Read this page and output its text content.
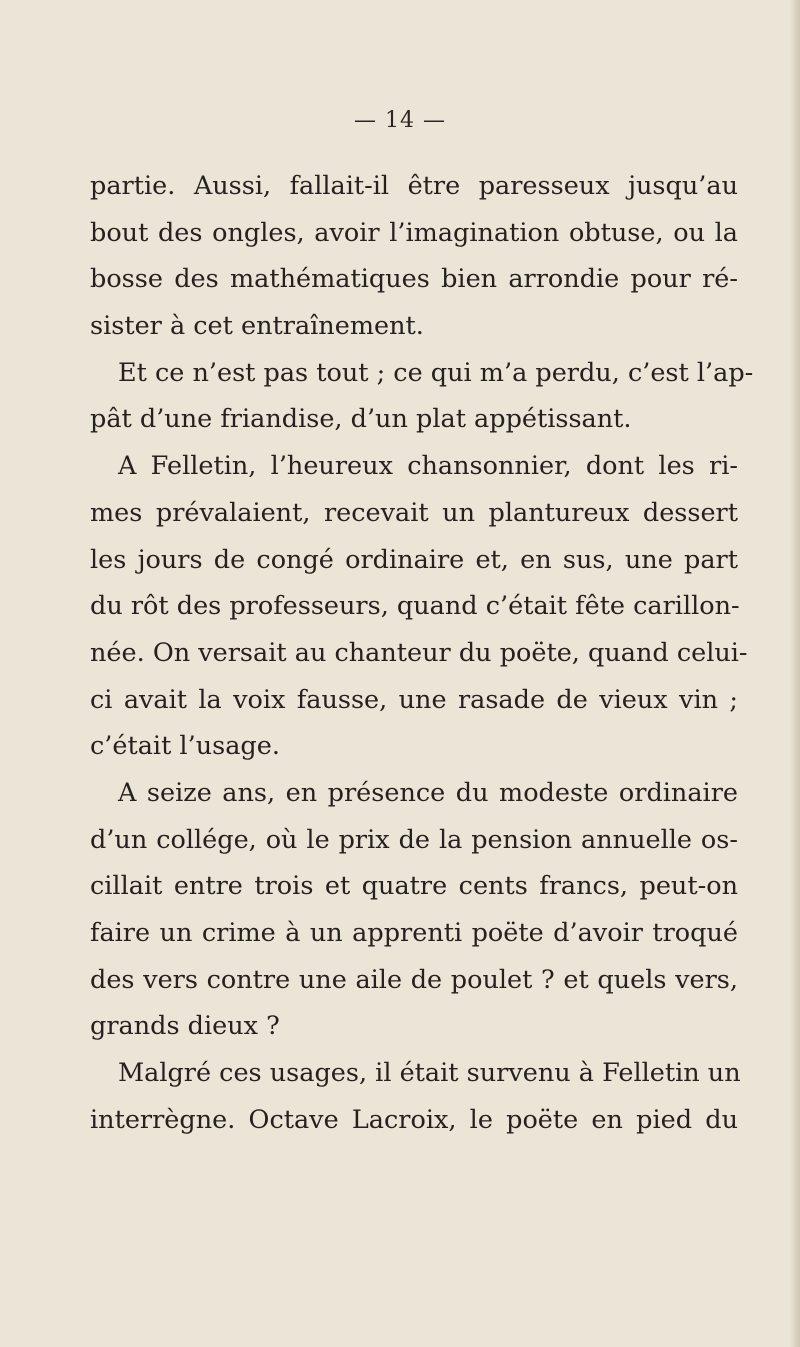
— 14 —
partie. Aussi, fallait-il être paresseux jusqu’au
bout des ongles, avoir l’imagination obtuse, ou la
bosse des mathématiques bien arrondie pour ré-
sister à cet entraînement.
Et ce n’est pas tout ; ce qui m’a perdu, c’est l’ap-
pât d’une friandise, d’un plat appétissant.
A Felletin, l’heureux chansonnier, dont les ri-
mes prévalaient, recevait un plantureux dessert
les jours de congé ordinaire et, en sus, une part
du rôt des professeurs, quand c’était fête carillon-
née. On versait au chanteur du poëte, quand celui-
ci avait la voix fausse, une rasade de vieux vin ;
c’était l’usage.
A seize ans, en présence du modeste ordinaire
d’un collége, où le prix de la pension annuelle os-
cillait entre trois et quatre cents francs, peut-on
faire un crime à un apprenti poëte d’avoir troqué
des vers contre une aile de poulet ? et quels vers,
grands dieux ?
Malgré ces usages, il était survenu à Felletin un
interrègne. Octave Lacroix, le poëte en pied du
